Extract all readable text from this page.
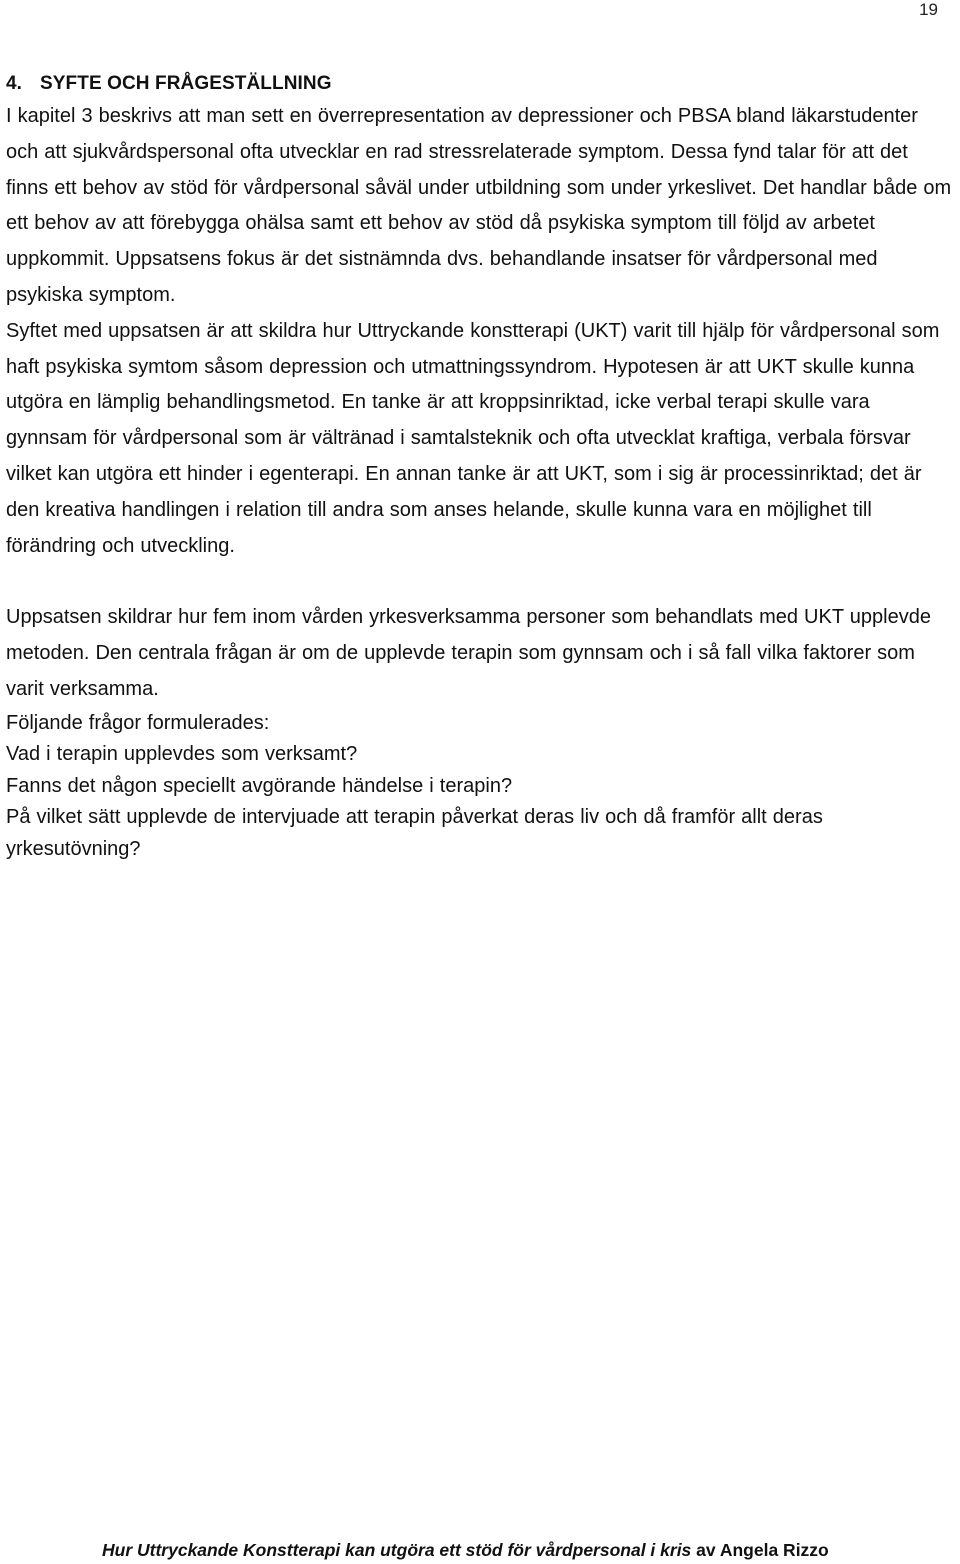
19
4. SYFTE OCH FRÅGESTÄLLNING

I kapitel 3 beskrivs att man sett en överrepresentation av depressioner och PBSA bland läkarstudenter och att sjukvårdspersonal ofta utvecklar en rad stressrelaterade symptom. Dessa fynd talar för att det finns ett behov av stöd för vårdpersonal såväl under utbildning som under yrkeslivet. Det handlar både om ett behov av att förebygga ohälsa samt ett behov av stöd då psykiska symptom till följd av arbetet uppkommit. Uppsatsens fokus är det sistnämnda dvs. behandlande insatser för vårdpersonal med psykiska symptom.

Syftet med uppsatsen är att skildra hur Uttryckande konstterapi (UKT) varit till hjälp för vårdpersonal som haft psykiska symtom såsom depression och utmattningssyndrom. Hypotesen är att UKT skulle kunna utgöra en lämplig behandlingsmetod. En tanke är att kroppsinriktad, icke verbal terapi skulle vara gynnsam för vårdpersonal som är vältränad i samtalsteknik och ofta utvecklat kraftiga, verbala försvar vilket kan utgöra ett hinder i egenterapi. En annan tanke är att UKT, som i sig är processinriktad; det är den kreativa handlingen i relation till andra som anses helande, skulle kunna vara en möjlighet till förändring och utveckling.

Uppsatsen skildrar hur fem inom vården yrkesverksamma personer som behandlats med UKT upplevde metoden. Den centrala frågan är om de upplevde terapin som gynnsam och i så fall vilka faktorer som varit verksamma.

Följande frågor formulerades:

Vad i terapin upplevdes som verksamt?

Fanns det någon speciellt avgörande händelse i terapin?

På vilket sätt upplevde de intervjuade att terapin påverkat deras liv och då framför allt deras yrkesutövning?

Hur Uttryckande Konstterapi kan utgöra ett stöd för vårdpersonal i kris av Angela Rizzo
